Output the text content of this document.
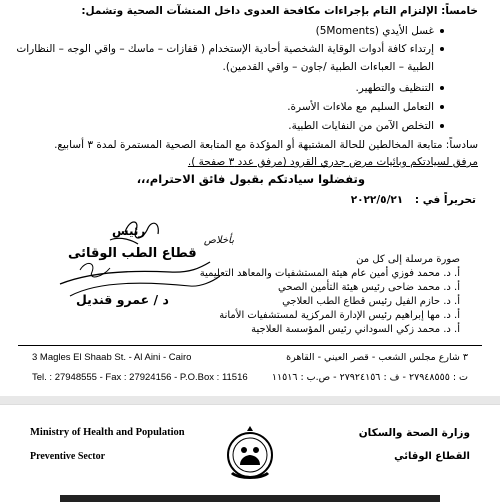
خامساً: الإلتزام التام بإجراءات مكافحة العدوى داخل المنشآت الصحية وتشمل:
غسل الأيدي (5Moments)
إرتداء كافة أدوات الوقاية الشخصية أحادية الإستخدام ( قفازات – ماسك – واقي الوجه – النظارات
الطبية – العباءات الطبية /جاون – واقي القدمين).
التنظيف والتطهير.
التعامل السليم مع ملاءات الأسرة.
التخلص الآمن من النفايات الطبية.
سادساً: متابعة المخالطين للحالة المشتبهة أو المؤكدة مع المتابعة الصحية المستمرة لمدة ٣ أسابيع.
مرفق لسيادتكم وبائيات مرض جدري القرود (مرفق عدد ٣ صفحة ).
وتفضلوا سيادتكم بقبول فائق الاحترام،،،
تحريراً في : ٢٠٢٢/٥/٢١
بأخلاص
رئيس
قطاع الطب الوقائى
د / عمرو قنديل
صورة مرسلة إلى كل من
أ. د. محمد فوزي أمين عام هيئة المستشفيات والمعاهد التعليمية
أ. د. محمد ضاحى رئيس هيئة التأمين الصحي
أ. د. حازم الفيل رئيس قطاع الطب العلاجي
أ. د. مها إبراهيم رئيس الإدارة المركزية لمستشفيات الأمانة
أ. د. محمد زكي السوداني رئيس المؤسسة العلاجية
3 Magles El Shaab St. - Al Aini - Cairo
Tel. : 27948555 - Fax : 27924156 - P.O.Box : 11516
٣ شارع مجلس الشعب - قصر العيني - القاهرة
ت : ٢٧٩٤٨٥٥٥ - ف : ٢٧٩٢٤١٥٦ - ص.ب : ١١٥١٦
Ministry of Health and Population
Preventive Sector
وزارة الصحة والسكان
القطاع الوقائي
